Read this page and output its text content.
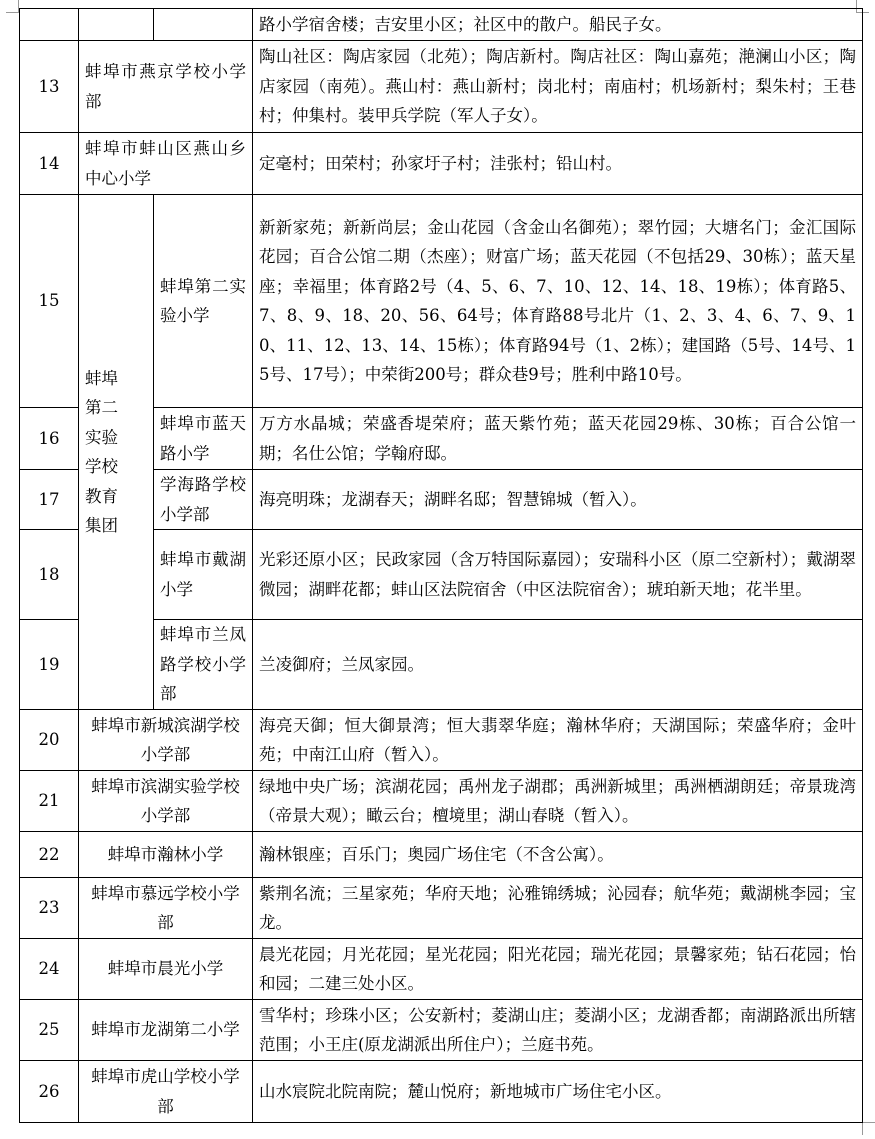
			路小学宿舍楼；吉安里小区；社区中的散户。船民子女。
13	蚌埠市燕京学校小学部		陶山社区：陶店家园（北苑）；陶店新村。陶店社区：陶山嘉苑；滟澜山小区；陶店家园（南苑）。燕山村：燕山新村；岗北村；南庙村；机场新村；梨朱村；王巷村；仲集村。装甲兵学院（军人子女）。
14	蚌埠市蚌山区燕山乡中心小学		定毫村；田荣村；孙家圩子村；洼张村；铅山村。
15	蚌埠第二实验学校教育集团	蚌埠第二实验小学	新新家苑；新新尚层；金山花园（含金山名御苑）；翠竹园；大塘名门；金汇国际花园；百合公馆二期（杰座）；财富广场；蓝天花园（不包括29、30栋）；蓝天星座；幸福里；体育路2号（4、5、6、7、10、12、14、18、19栋）；体育路5、7、8、9、18、20、56、64号；体育路88号北片（1、2、3、4、6、7、9、10、11、12、13、14、15栋）；体育路94号（1、2栋）；建国路（5号、14号、15号、17号）；中荣街200号；群众巷9号；胜利中路10号。
16		蚌埠市蓝天路小学	万方水晶城；荣盛香堤荣府；蓝天紫竹苑；蓝天花园29栋、30栋；百合公馆一期；名仕公馆；学翰府邸。
17		学海路学校小学部	海亮明珠；龙湖春天；湖畔名邸；智慧锦城（暂入）。
18		蚌埠市戴湖小学	光彩还原小区；民政家园（含万特国际嘉园）；安瑞科小区（原二空新村）；戴湖翠微园；湖畔花都；蚌山区法院宿舍（中区法院宿舍）；琥珀新天地；花半里。
19		蚌埠市兰凤路学校小学部	兰凌御府；兰凤家园。
20	蚌埠市新城滨湖学校小学部		海亮天御；恒大御景湾；恒大翡翠华庭；瀚林华府；天湖国际；荣盛华府；金叶苑；中南江山府（暂入）。
21	蚌埠市滨湖实验学校小学部		绿地中央广场；滨湖花园；禹州龙子湖郡；禹洲新城里；禹洲栖湖朗廷；帝景珑湾（帝景大观）；瞰云台；檀境里；湖山春晓（暂入）。
22	蚌埠市瀚林小学		瀚林银座；百乐门；奥园广场住宅（不含公寓）。
23	蚌埠市慕远学校小学部		紫荆名流；三星家苑；华府天地；沁雅锦绣城；沁园春；航华苑；戴湖桃李园；宝龙。
24	蚌埠市晨光小学		晨光花园；月光花园；星光花园；阳光花园；瑞光花园；景馨家苑；钻石花园；怡和园；二建三处小区。
25	蚌埠市龙湖第二小学		雪华村；珍珠小区；公安新村；菱湖山庄；菱湖小区；龙湖香都；南湖路派出所辖范围；小王庄(原龙湖派出所住户）；兰庭书苑。
26	蚌埠市虎山学校小学部		山水宸院北院南院；麓山悦府；新地城市广场住宅小区。
